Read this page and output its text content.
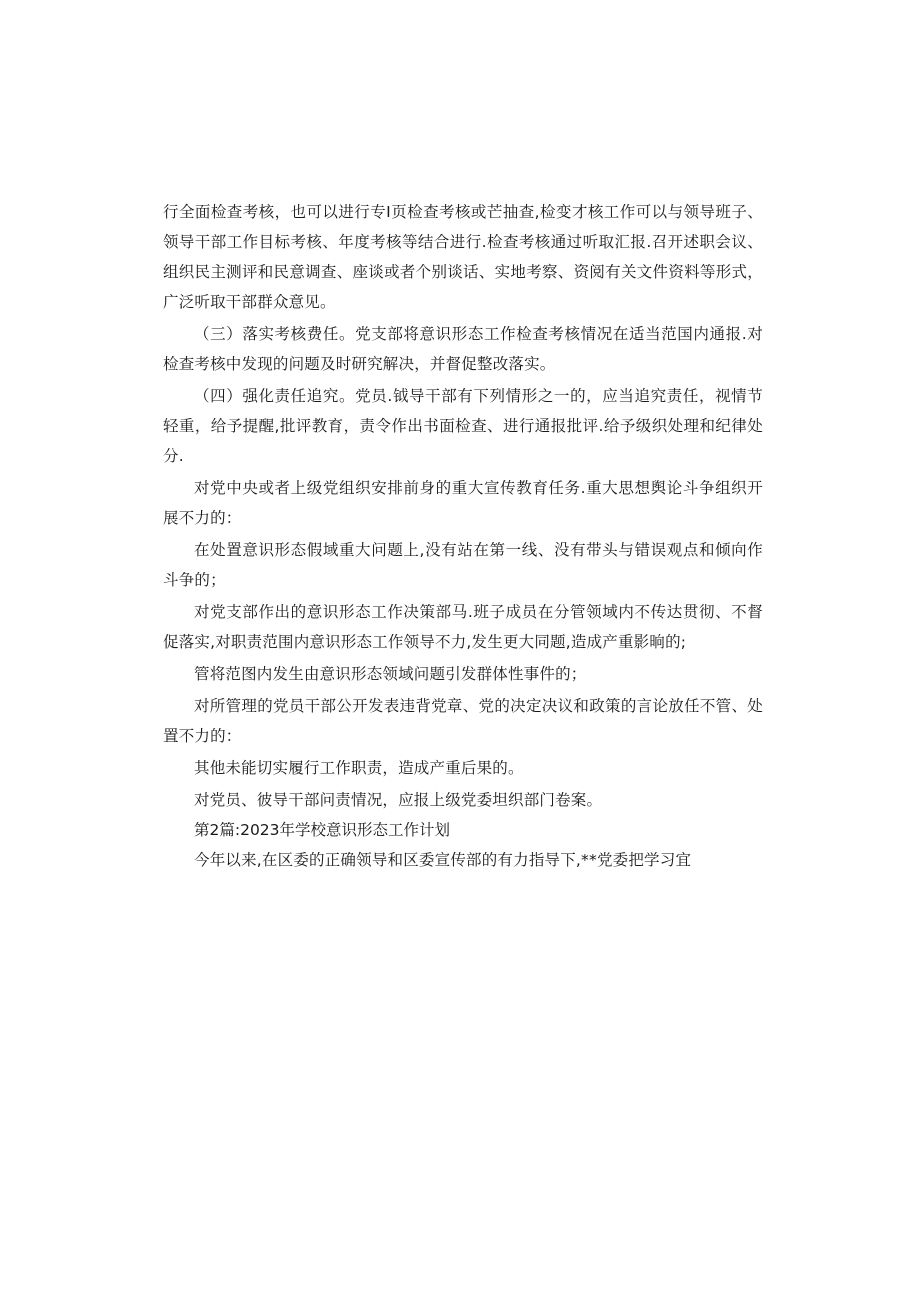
行全面检查考核，也可以进行专I页检查考核或芒抽查,检变才核工作可以与领导班子、领导干部工作目标考核、年度考核等结合进行.检查考核通过听取汇报.召开述职会议、组织民主测评和民意调查、座谈或者个别谈话、实地考察、资阅有关文件资料等形式，广泛听取干部群众意见。

（三）落实考核费任。党支部将意识形态工作检查考核情况在适当范国内通报.对检查考核中发现的问题及时研究解决，并督促整改落实。

（四）强化责任追究。党员.钺导干部有下列情形之一的，应当追究责任，视情节轻重，给予提醒,批评教育，责令作出书面检查、进行通报批评.给予级织处理和纪律处分.

对党中央或者上级党组织安排前身的重大宣传教育任务.重大思想舆论斗争组织开展不力的：

在处置意识形态假域重大问题上,没有站在第一线、没有带头与错误观点和倾向作斗争的；

对党支部作出的意识形态工作决策部马.班子成员在分管领域内不传达贯彻、不督促落实,对职责范围内意识形态工作领导不力,发生更大同题,造成产重影晌的;

管将范图内发生由意识形态领域问题引发群体性事件的；

对所管理的党员干部公开发表违背党章、党的决定决议和政策的言论放任不管、处置不力的：

其他未能切实履行工作职责，造成产重后果的。

对党员、彼导干部问责情况，应报上级党委坦织部门卷案。

第2篇:2023年学校意识形态工作计划

今年以来,在区委的正确领导和区委宣传部的有力指导下,**党委把学习宜
